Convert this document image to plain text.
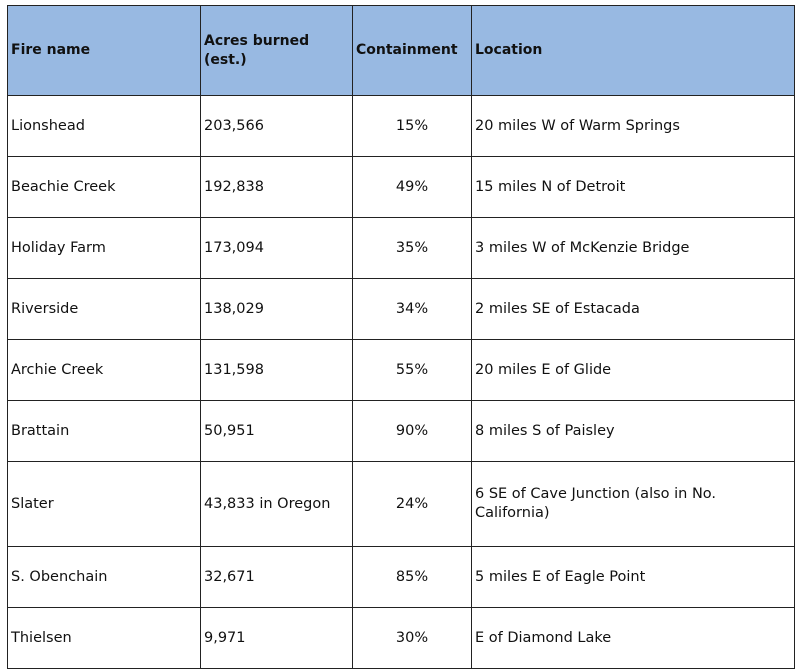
Fire name	Acres burned (est.)	Containment	Location
Lionshead	203,566	15%	20 miles W of Warm Springs
Beachie Creek	192,838	49%	15 miles N of Detroit
Holiday Farm	173,094	35%	3 miles W of McKenzie Bridge
Riverside	138,029	34%	2 miles SE of Estacada
Archie Creek	131,598	55%	20 miles E of Glide
Brattain	50,951	90%	8 miles S of Paisley
Slater	43,833 in Oregon	24%	6 SE of Cave Junction (also in No. California)
S. Obenchain	32,671	85%	5 miles E of Eagle Point
Thielsen	9,971	30%	E of Diamond Lake
